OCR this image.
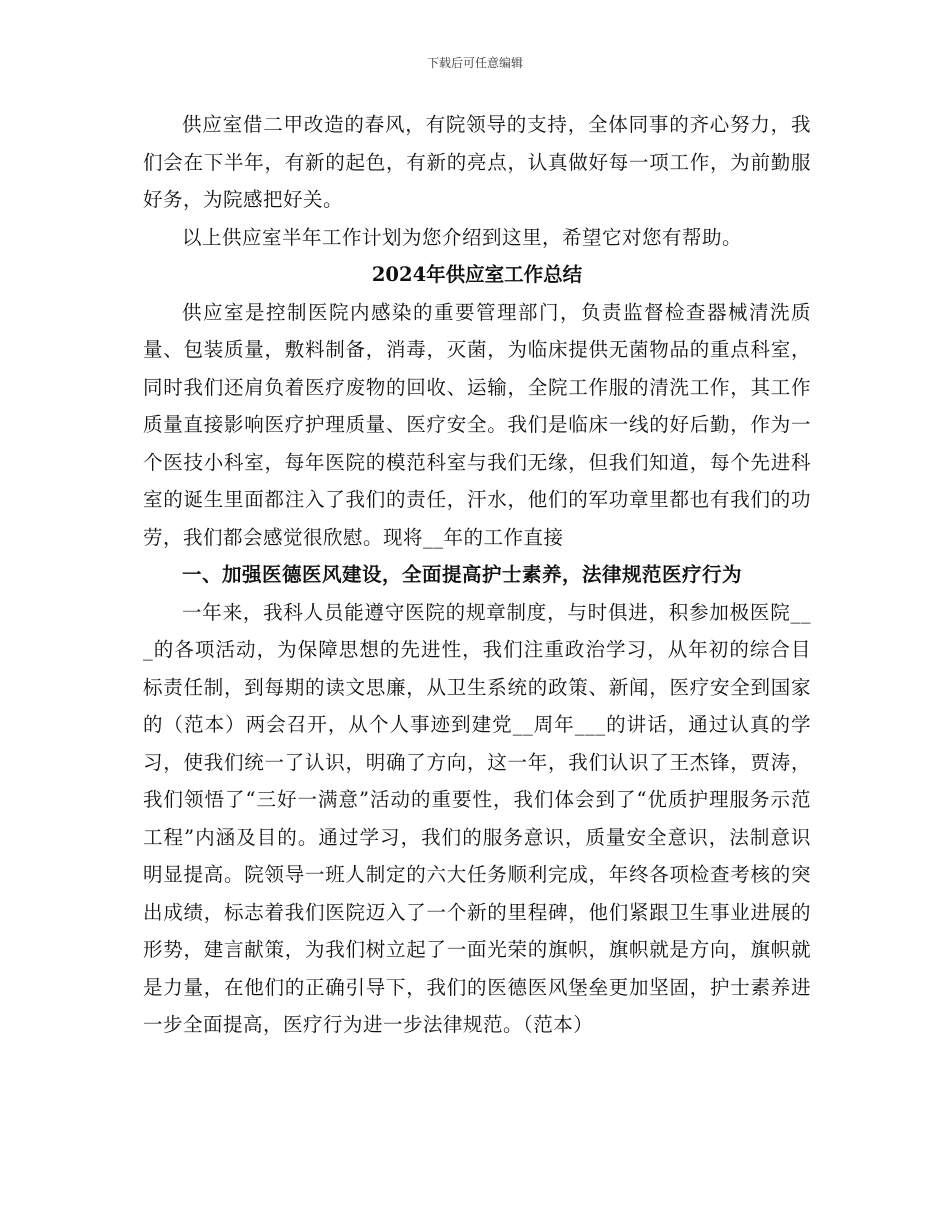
下载后可任意编辑

供应室借二甲改造的春风，有院领导的支持，全体同事的齐心努力，我们会在下半年，有新的起色，有新的亮点，认真做好每一项工作，为前勤服好务，为院感把好关。

以上供应室半年工作计划为您介绍到这里，希望它对您有帮助。

2024年供应室工作总结

供应室是控制医院内感染的重要管理部门，负责监督检查器械清洗质量、包装质量，敷料制备，消毒，灭菌，为临床提供无菌物品的重点科室，同时我们还肩负着医疗废物的回收、运输，全院工作服的清洗工作，其工作质量直接影响医疗护理质量、医疗安全。我们是临床一线的好后勤，作为一个医技小科室，每年医院的模范科室与我们无缘，但我们知道，每个先进科室的诞生里面都注入了我们的责任，汗水，他们的军功章里都也有我们的功劳，我们都会感觉很欣慰。现将__年的工作直接

一、加强医德医风建设，全面提高护士素养，法律规范医疗行为

一年来，我科人员能遵守医院的规章制度，与时俱进，积参加极医院___的各项活动，为保障思想的先进性，我们注重政治学习，从年初的综合目标责任制，到每期的读文思廉，从卫生系统的政策、新闻，医疗安全到国家的（范本）两会召开，从个人事迹到建党__周年___的讲话，通过认真的学习，使我们统一了认识，明确了方向，这一年，我们认识了王杰锋，贾涛，我们领悟了“三好一满意”活动的重要性，我们体会到了“优质护理服务示范工程”内涵及目的。通过学习，我们的服务意识，质量安全意识，法制意识明显提高。院领导一班人制定的六大任务顺利完成，年终各项检查考核的突出成绩，标志着我们医院迈入了一个新的里程碑，他们紧跟卫生事业进展的形势，建言献策，为我们树立起了一面光荣的旗帜，旗帜就是方向，旗帜就是力量，在他们的正确引导下，我们的医德医风堡垒更加坚固，护士素养进一步全面提高，医疗行为进一步法律规范。（范本）
